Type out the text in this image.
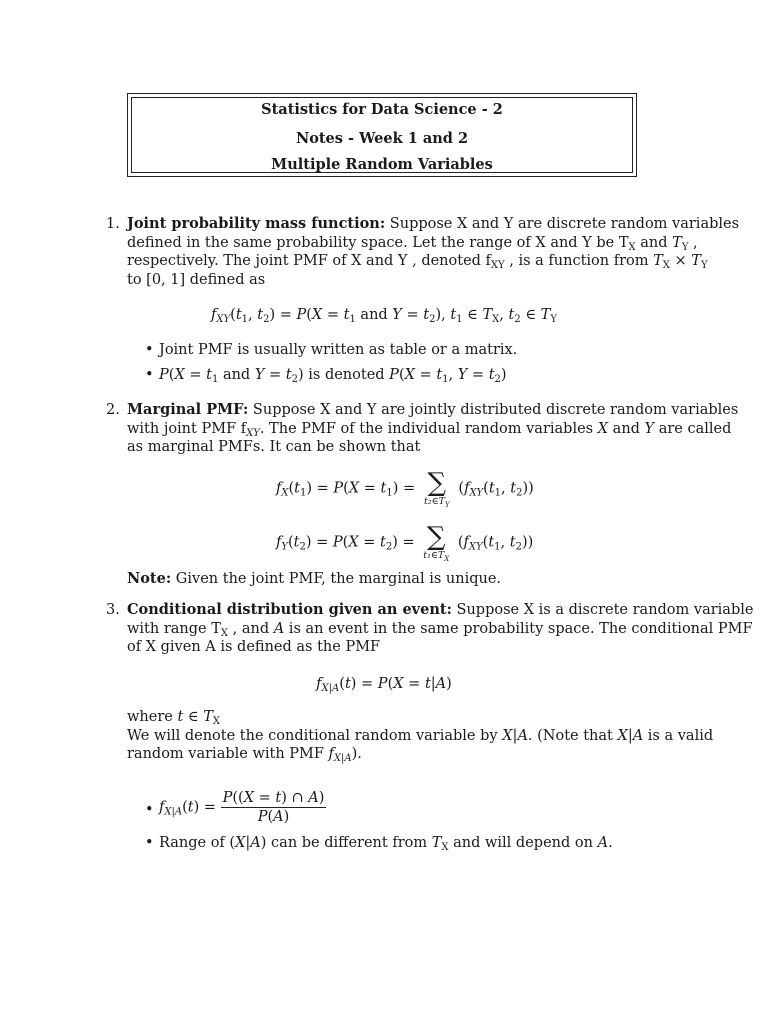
Statistics for Data Science - 2
Notes - Week 1 and 2
Multiple Random Variables
1. Joint probability mass function: Suppose X and Y are discrete random variables
defined in the same probability space. Let the range of X and Y be $T_X$ and $T_Y$ ,
respectively. The joint PMF of X and Y , denoted $f_{XY}$ , is a function from $T_X \times T_Y$
to [0, 1] defined as
$f_{XY}(t_1$, $t_2) = P(X = t_1$ and $Y = t_2$), $t_1$ ∈ $T_X$, $t_2$ ∈ $T_Y$
• Joint PMF is usually written as table or a matrix.
• $P(X = t_1$ and $Y = t_2$) is denoted $P(X = t_1$, $Y = t_2$)
2. Marginal PMF: Suppose X and Y are jointly distributed discrete random variables
with joint PMF $f_{XY}$. The PMF of the individual random variables X and Y are called
as marginal PMFs. It can be shown that
$f_X(t_1) = P(X = t_1)$ = ∑
$t_2\in T_Y$
($f_{XY}(t_1$, $t_2$))
$f_Y(t_2) = P(X = t_2)$ = ∑
$t_1\in T_X$
($f_{XY}(t_1$, $t_2$))
Note: Given the joint PMF, the marginal is unique.
3. Conditional distribution given an event: Suppose X is a discrete random variable
with range $T_X$ , and A is an event in the same probability space. The conditional PMF
of X given A is defined as the PMF
$f_{X|A}(t) = P(X = t|A)$
where t ∈ $T_X$
We will denote the conditional random variable by X|A. (Note that X|A is a valid
random variable with PMF $f_{X|A}$).
• $f_{X|A}(t) = \frac{P((X = t) \cap A)}{P(A)}$
• Range of (X|A) can be different from $T_X$ and will depend on A.
